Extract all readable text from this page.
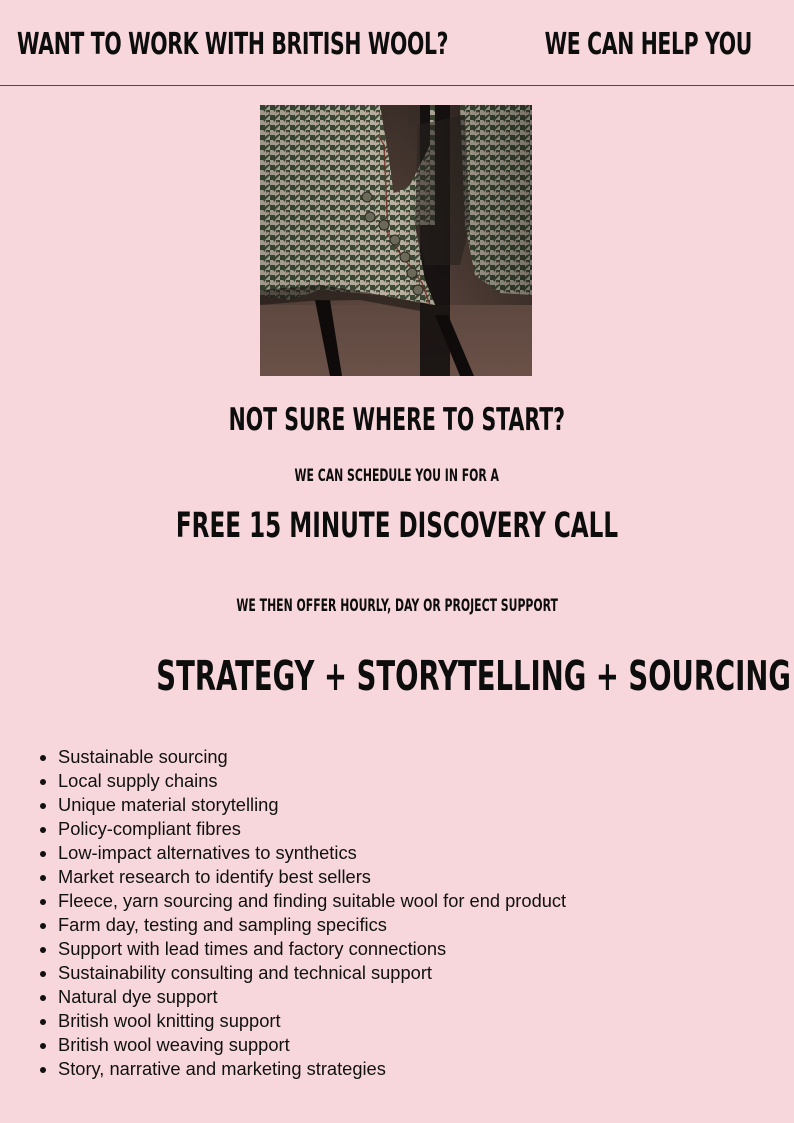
WANT TO WORK WITH BRITISH WOOL?	WE CAN HELP YOU
NOT SURE WHERE TO START?
WE CAN SCHEDULE YOU IN FOR A
FREE 15 MINUTE DISCOVERY CALL
WE THEN OFFER HOURLY, DAY OR PROJECT SUPPORT
STRATEGY + STORYTELLING + SOURCING
• Sustainable sourcing
• Local supply chains
• Unique material storytelling
• Policy-compliant fibres
• Low-impact alternatives to synthetics
• Market research to identify best sellers
• Fleece, yarn sourcing and finding suitable wool for end product
• Farm day, testing and sampling specifics
• Support with lead times and factory connections
• Sustainability consulting and technical support
• Natural dye support
• British wool knitting support
• British wool weaving support
• Story, narrative and marketing strategies
